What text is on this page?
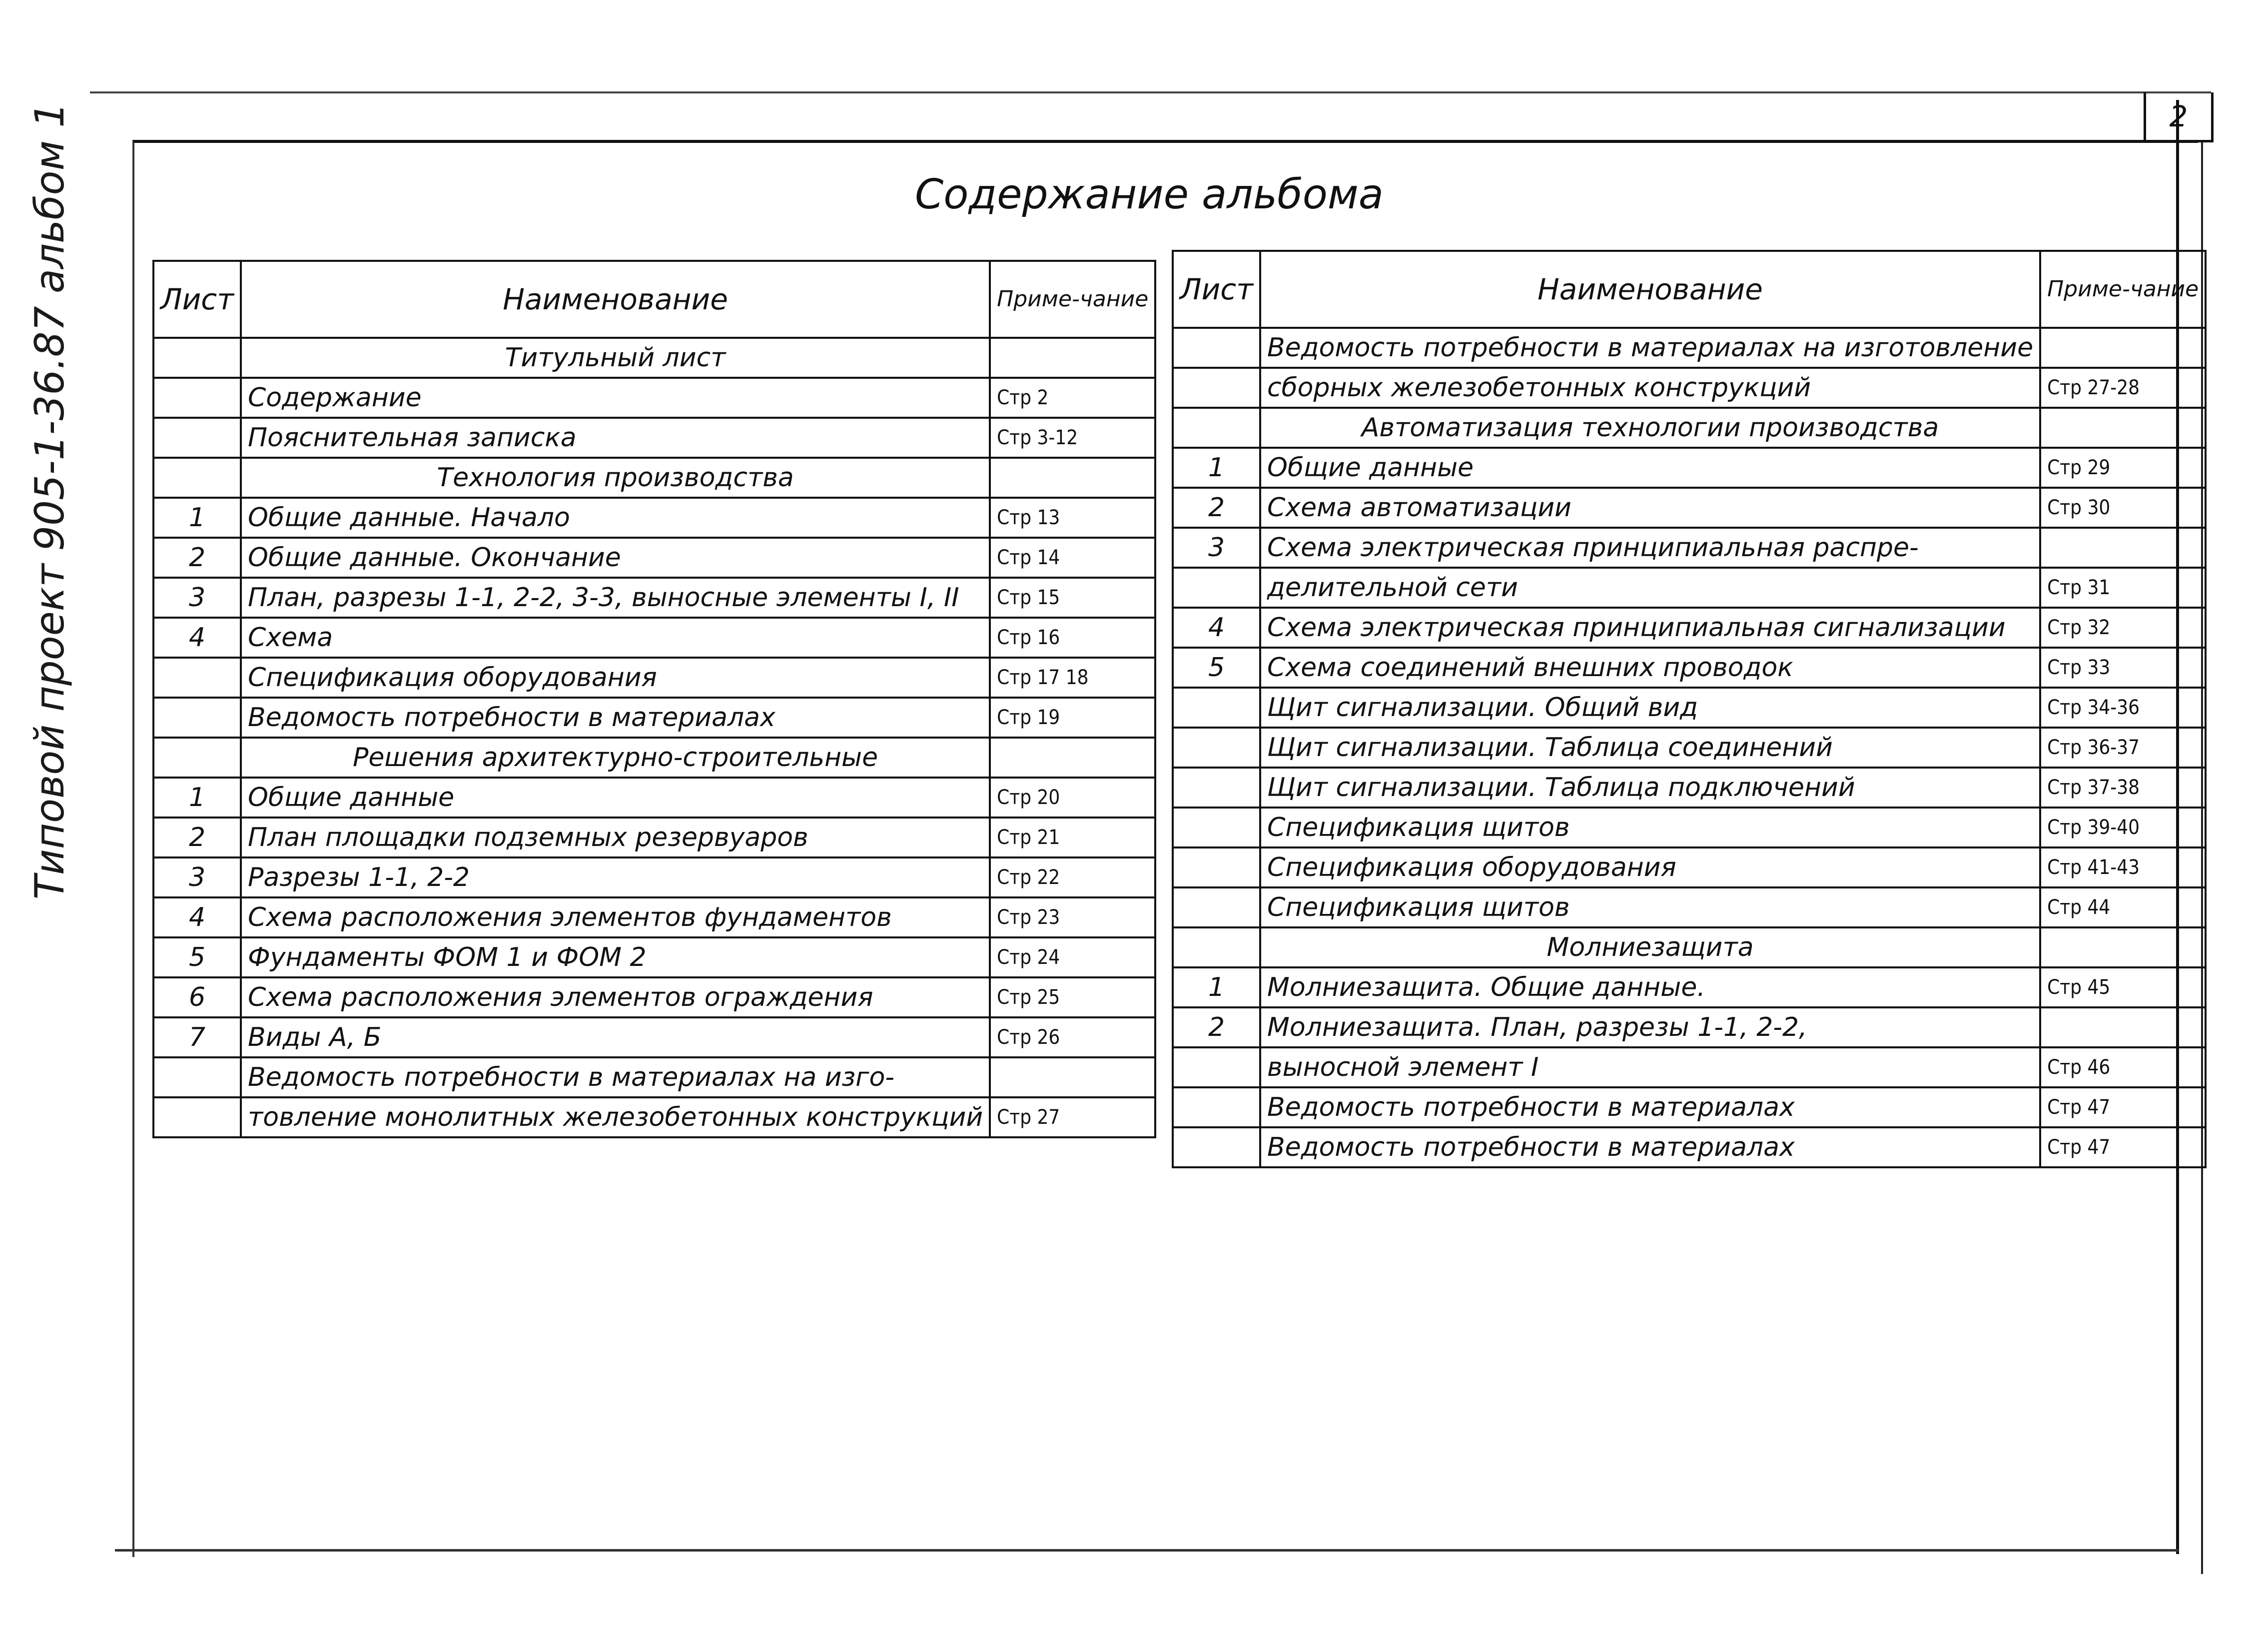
2
Типовой проект 905-1-36.87 альбом 1	Содержание альбома
Лист	Наименование	Приме-чание
	Титульный лист	
	Содержание	Стр 2
	Пояснительная записка	Стр 3-12
	Технология производства	
1	Общие данные. Начало	Стр 13
2	Общие данные. Окончание	Стр 14
3	План, разрезы 1-1, 2-2, 3-3, выносные элементы I, II	Стр 15
4	Схема	Стр 16
	Спецификация оборудования	Стр 17 18
	Ведомость потребности в материалах	Стр 19
	Решения архитектурно-строительные	
1	Общие данные	Стр 20
2	План площадки подземных резервуаров	Стр 21
3	Разрезы 1-1, 2-2	Стр 22
4	Схема расположения элементов фундаментов	Стр 23
5	Фундаменты ФОМ 1 и ФОМ 2	Стр 24
6	Схема расположения элементов ограждения	Стр 25
7	Виды А, Б	Стр 26
	Ведомость потребности в материалах на изго-	
	товление монолитных железобетонных конструкций	Стр 27
Лист	Наименование	Приме-чание
	Ведомость потребности в материалах на изготовление	
	сборных железобетонных конструкций	Стр 27-28
	Автоматизация технологии производства	
1	Общие данные	Стр 29
2	Схема автоматизации	Стр 30
3	Схема электрическая принципиальная распре-	
	делительной сети	Стр 31
4	Схема электрическая принципиальная сигнализации	Стр 32
5	Схема соединений внешних проводок	Стр 33
	Щит сигнализации. Общий вид	Стр 34-36
	Щит сигнализации. Таблица соединений	Стр 36-37
	Щит сигнализации. Таблица подключений	Стр 37-38
	Спецификация щитов	Стр 39-40
	Спецификация оборудования	Стр 41-43
	Спецификация щитов	Стр 44
	Молниезащита	
1	Молниезащита. Общие данные.	Стр 45
2	Молниезащита. План, разрезы 1-1, 2-2,	
	выносной элемент I	Стр 46
	Ведомость потребности в материалах	Стр 47
	Ведомость потребности в материалах	Стр 47
